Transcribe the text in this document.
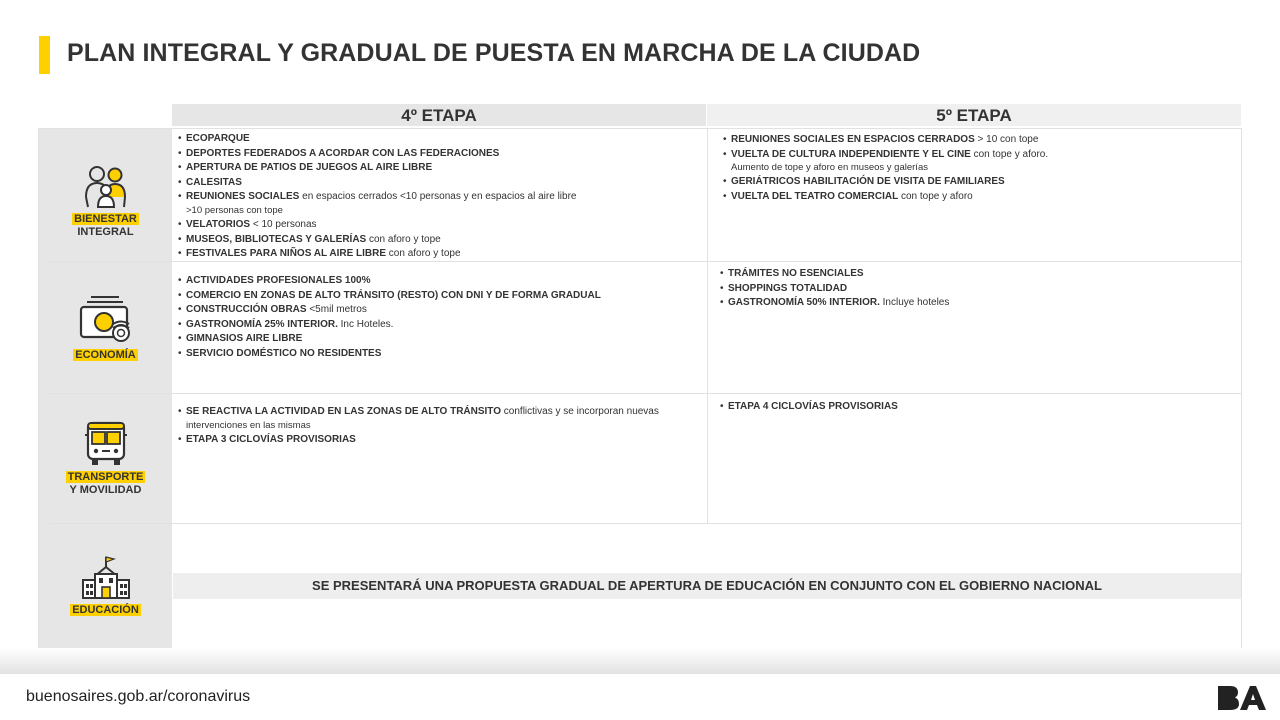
PLAN INTEGRAL Y GRADUAL DE PUESTA EN MARCHA DE LA CIUDAD
4º ETAPA	5º ETAPA
BIENESTAR
INTEGRAL
• ECOPARQUE
• DEPORTES FEDERADOS A ACORDAR CON LAS FEDERACIONES
• APERTURA DE PATIOS DE JUEGOS AL AIRE LIBRE
• CALESITAS
• REUNIONES SOCIALES en espacios cerrados <10 personas y en espacios al aire libre
>10 personas con tope
• VELATORIOS < 10 personas
• MUSEOS, BIBLIOTECAS Y GALERÍAS con aforo y tope
• FESTIVALES PARA NIÑOS AL AIRE LIBRE con aforo y tope
• REUNIONES SOCIALES EN ESPACIOS CERRADOS > 10 con tope
• VUELTA DE CULTURA INDEPENDIENTE Y EL CINE con tope y aforo.
Aumento de tope y aforo en museos y galerías
• GERIÁTRICOS HABILITACIÓN DE VISITA DE FAMILIARES
• VUELTA DEL TEATRO COMERCIAL con tope y aforo
ECONOMÍA
• ACTIVIDADES PROFESIONALES 100%
• COMERCIO EN ZONAS DE ALTO TRÁNSITO (RESTO) CON DNI Y DE FORMA GRADUAL
• CONSTRUCCIÓN OBRAS <5mil metros
• GASTRONOMÍA 25% INTERIOR. Inc Hoteles.
• GIMNASIOS AIRE LIBRE
• SERVICIO DOMÉSTICO NO RESIDENTES
• TRÁMITES NO ESENCIALES
• SHOPPINGS TOTALIDAD
• GASTRONOMÍA 50% INTERIOR. Incluye hoteles
TRANSPORTE
Y MOVILIDAD
• SE REACTIVA LA ACTIVIDAD EN LAS ZONAS DE ALTO TRÁNSITO conflictivas y se incorporan nuevas
intervenciones en las mismas
• ETAPA 3 CICLOVÍAS PROVISORIAS
• ETAPA 4 CICLOVÍAS PROVISORIAS
EDUCACIÓN
SE PRESENTARÁ UNA PROPUESTA GRADUAL DE APERTURA DE EDUCACIÓN EN CONJUNTO CON EL GOBIERNO NACIONAL
buenosaires.gob.ar/coronavirus
